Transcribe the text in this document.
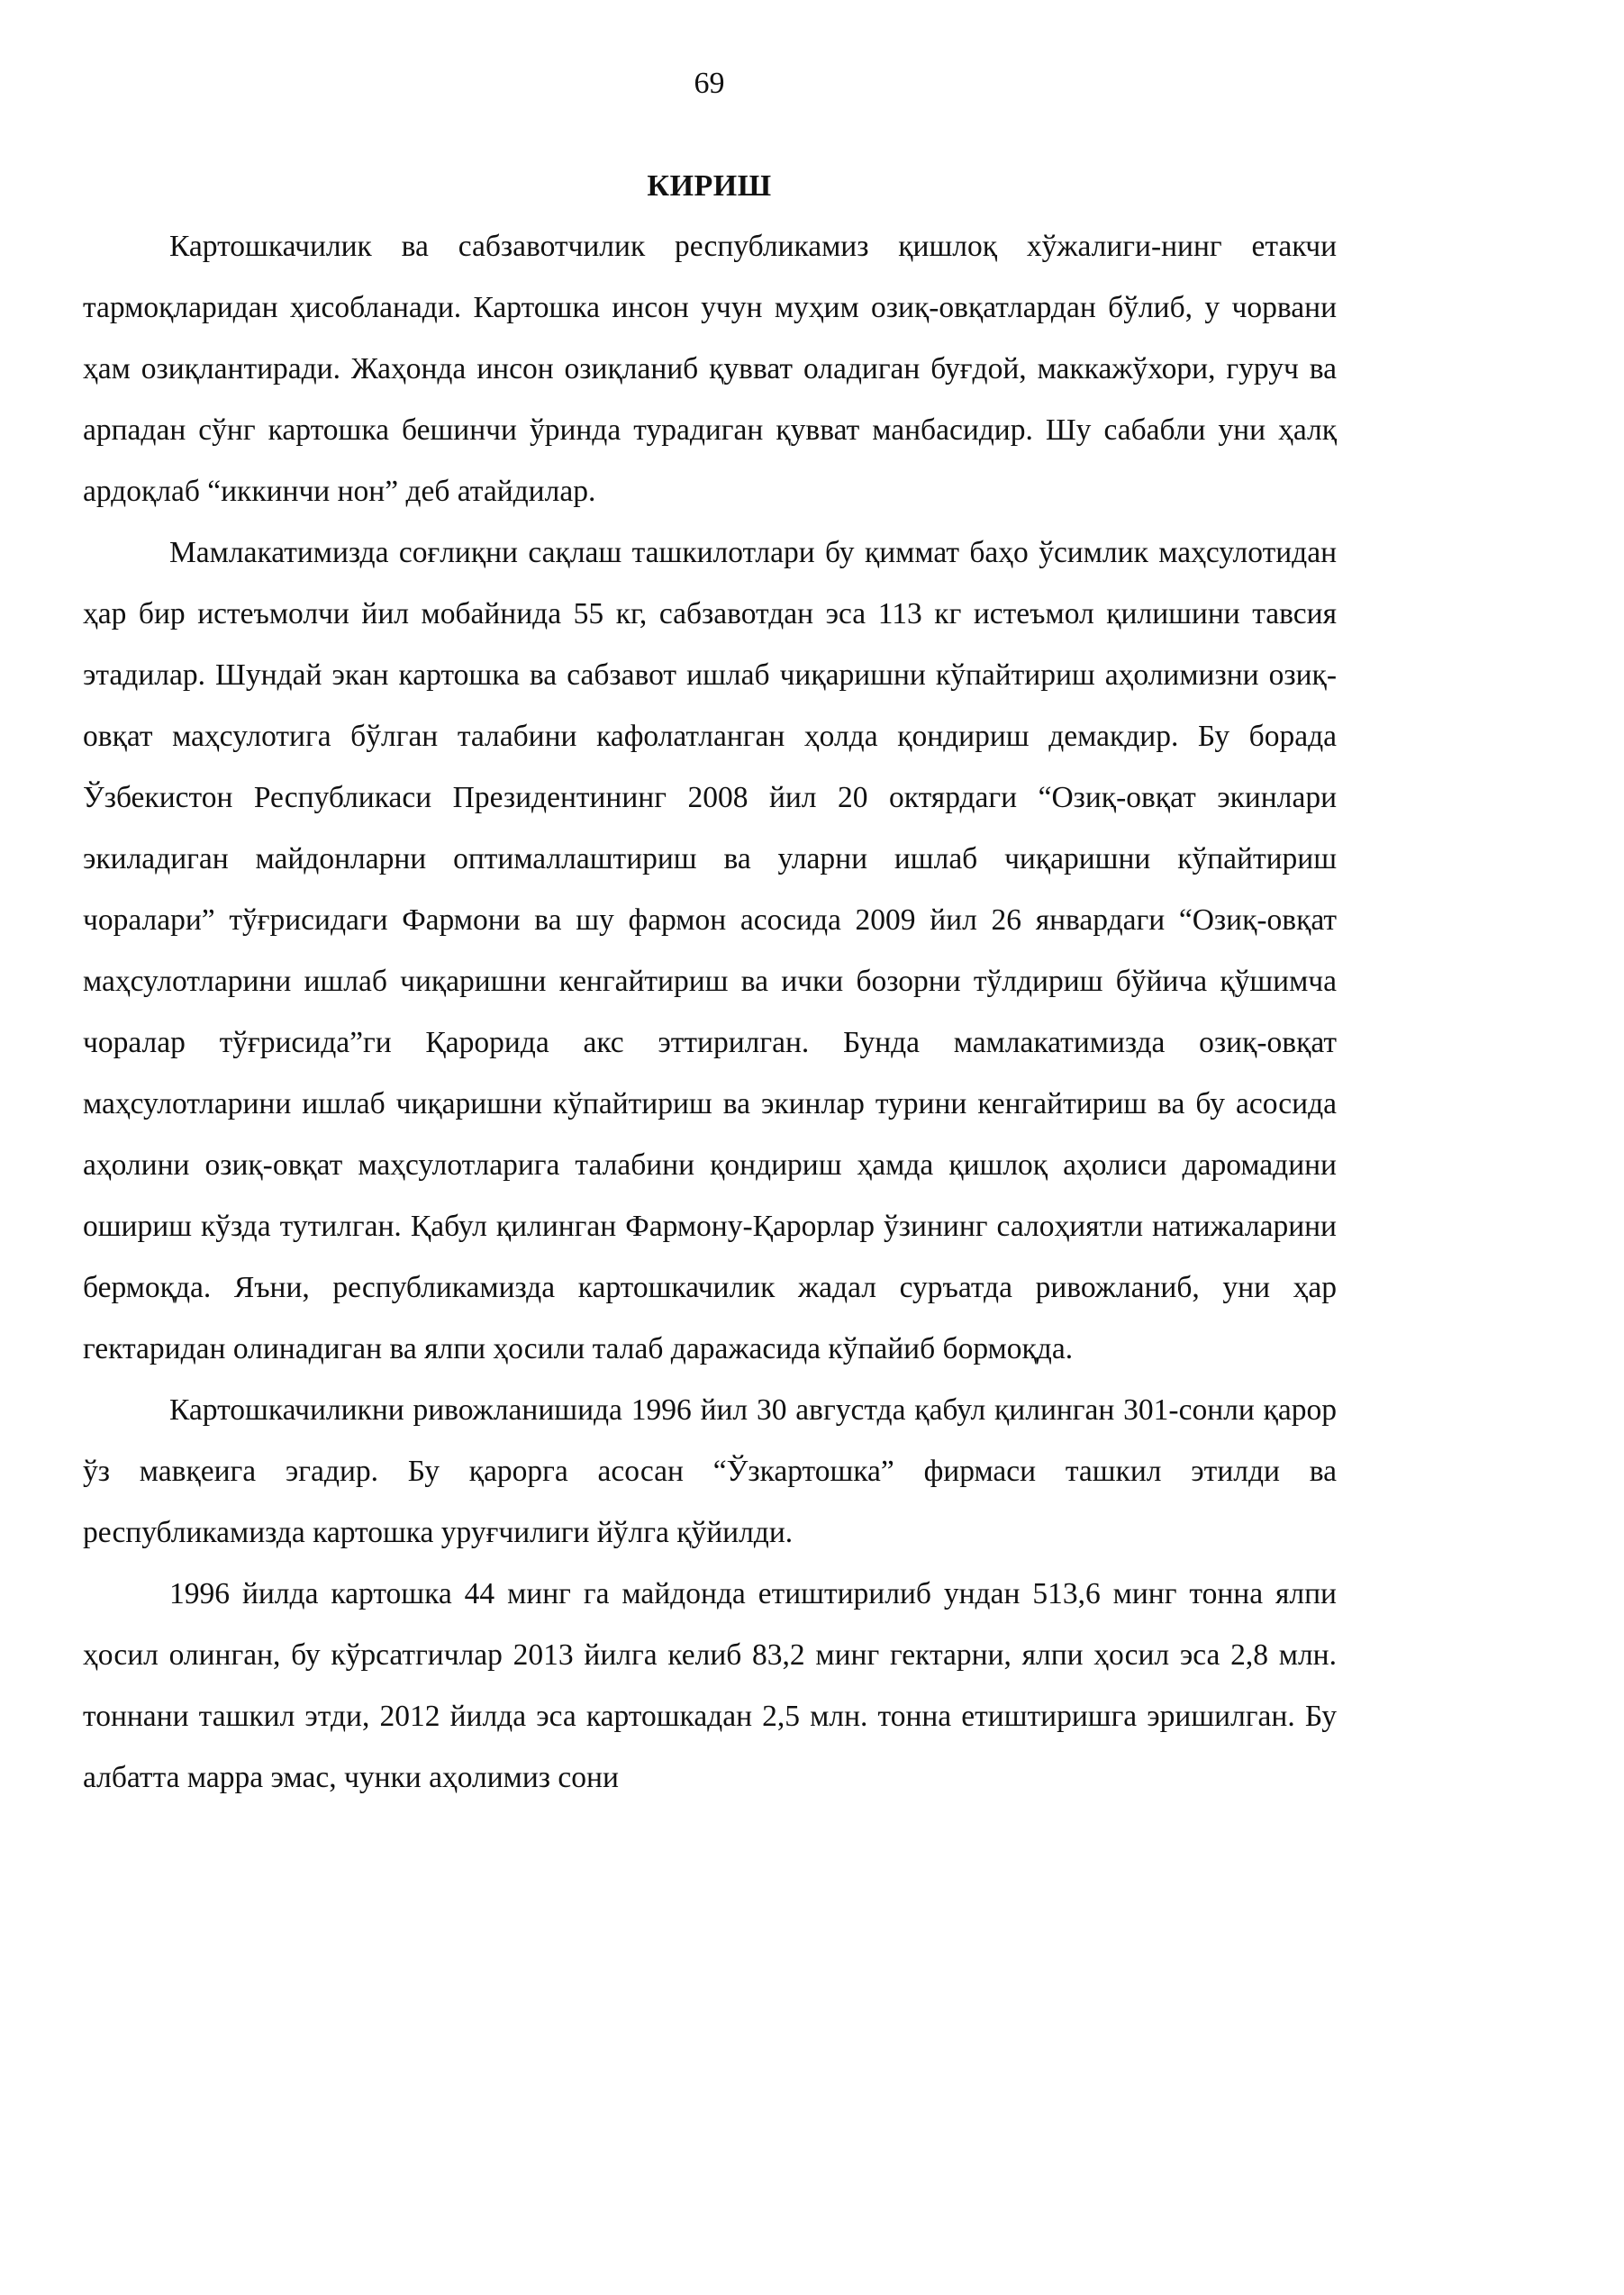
69
КИРИШ

Картошкачилик ва сабзавотчилик республикамиз қишлоқ хўжалиги-нинг етакчи тармоқларидан ҳисобланади. Картошка инсон учун муҳим озиқ-овқатлардан бўлиб, у чорвани ҳам озиқлантиради. Жаҳонда инсон озиқланиб қувват оладиган буғдой, маккажўхори, гуруч ва арпадан сўнг картошка бешинчи ўринда турадиган қувват манбасидир. Шу сабабли уни ҳалқ ардоқлаб “иккинчи нон” деб атайдилар.

Мамлакатимизда соғлиқни сақлаш ташкилотлари бу қиммат баҳо ўсимлик маҳсулотидан ҳар бир истеъмолчи йил мобайнида 55 кг, сабзавотдан эса 113 кг истеъмол қилишини тавсия этадилар. Шундай экан картошка ва сабзавот ишлаб чиқаришни кўпайтириш аҳолимизни озиқ-овқат маҳсулотига бўлган талабини кафолатланган ҳолда қондириш демакдир. Бу борада Ўзбекистон Республикаси Президентининг 2008 йил 20 октярдаги “Озиқ-овқат экинлари экиладиган майдонларни оптималлаштириш ва уларни ишлаб чиқаришни кўпайтириш чоралари” тўғрисидаги Фармони ва шу фармон асосида 2009 йил 26 январдаги “Озиқ-овқат маҳсулотларини ишлаб чиқаришни кенгайтириш ва ички бозорни тўлдириш бўйича қўшимча чоралар тўғрисида”ги Қарорида акс эттирилган. Бунда мамлакатимизда озиқ-овқат маҳсулотларини ишлаб чиқаришни кўпайтириш ва экинлар турини кенгайтириш ва бу асосида аҳолини озиқ-овқат маҳсулотларига талабини қондириш ҳамда қишлоқ аҳолиси даромадини ошириш кўзда тутилган. Қабул қилинган Фармону-Қарорлар ўзининг салоҳиятли натижаларини бермоқда. Яъни, республикамизда картошкачилик жадал суръатда ривожланиб, уни ҳар гектаридан олинадиган ва ялпи ҳосили талаб даражасида кўпайиб бормоқда.

Картошкачиликни ривожланишида 1996 йил 30 августда қабул қилинган 301-сонли қарор ўз мавқеига эгадир. Бу қарорга асосан “Ўзкартошка” фирмаси ташкил этилди ва республикамизда картошка уруғчилиги йўлга қўйилди.

1996 йилда картошка 44 минг га майдонда етиштирилиб ундан 513,6 минг тонна ялпи ҳосил олинган, бу кўрсатгичлар 2013 йилга келиб 83,2 минг гектарни, ялпи ҳосил эса 2,8 млн. тоннани ташкил этди, 2012 йилда эса картошкадан 2,5 млн. тонна етиштиришга эришилган. Бу албатта марра эмас, чунки аҳолимиз сони
